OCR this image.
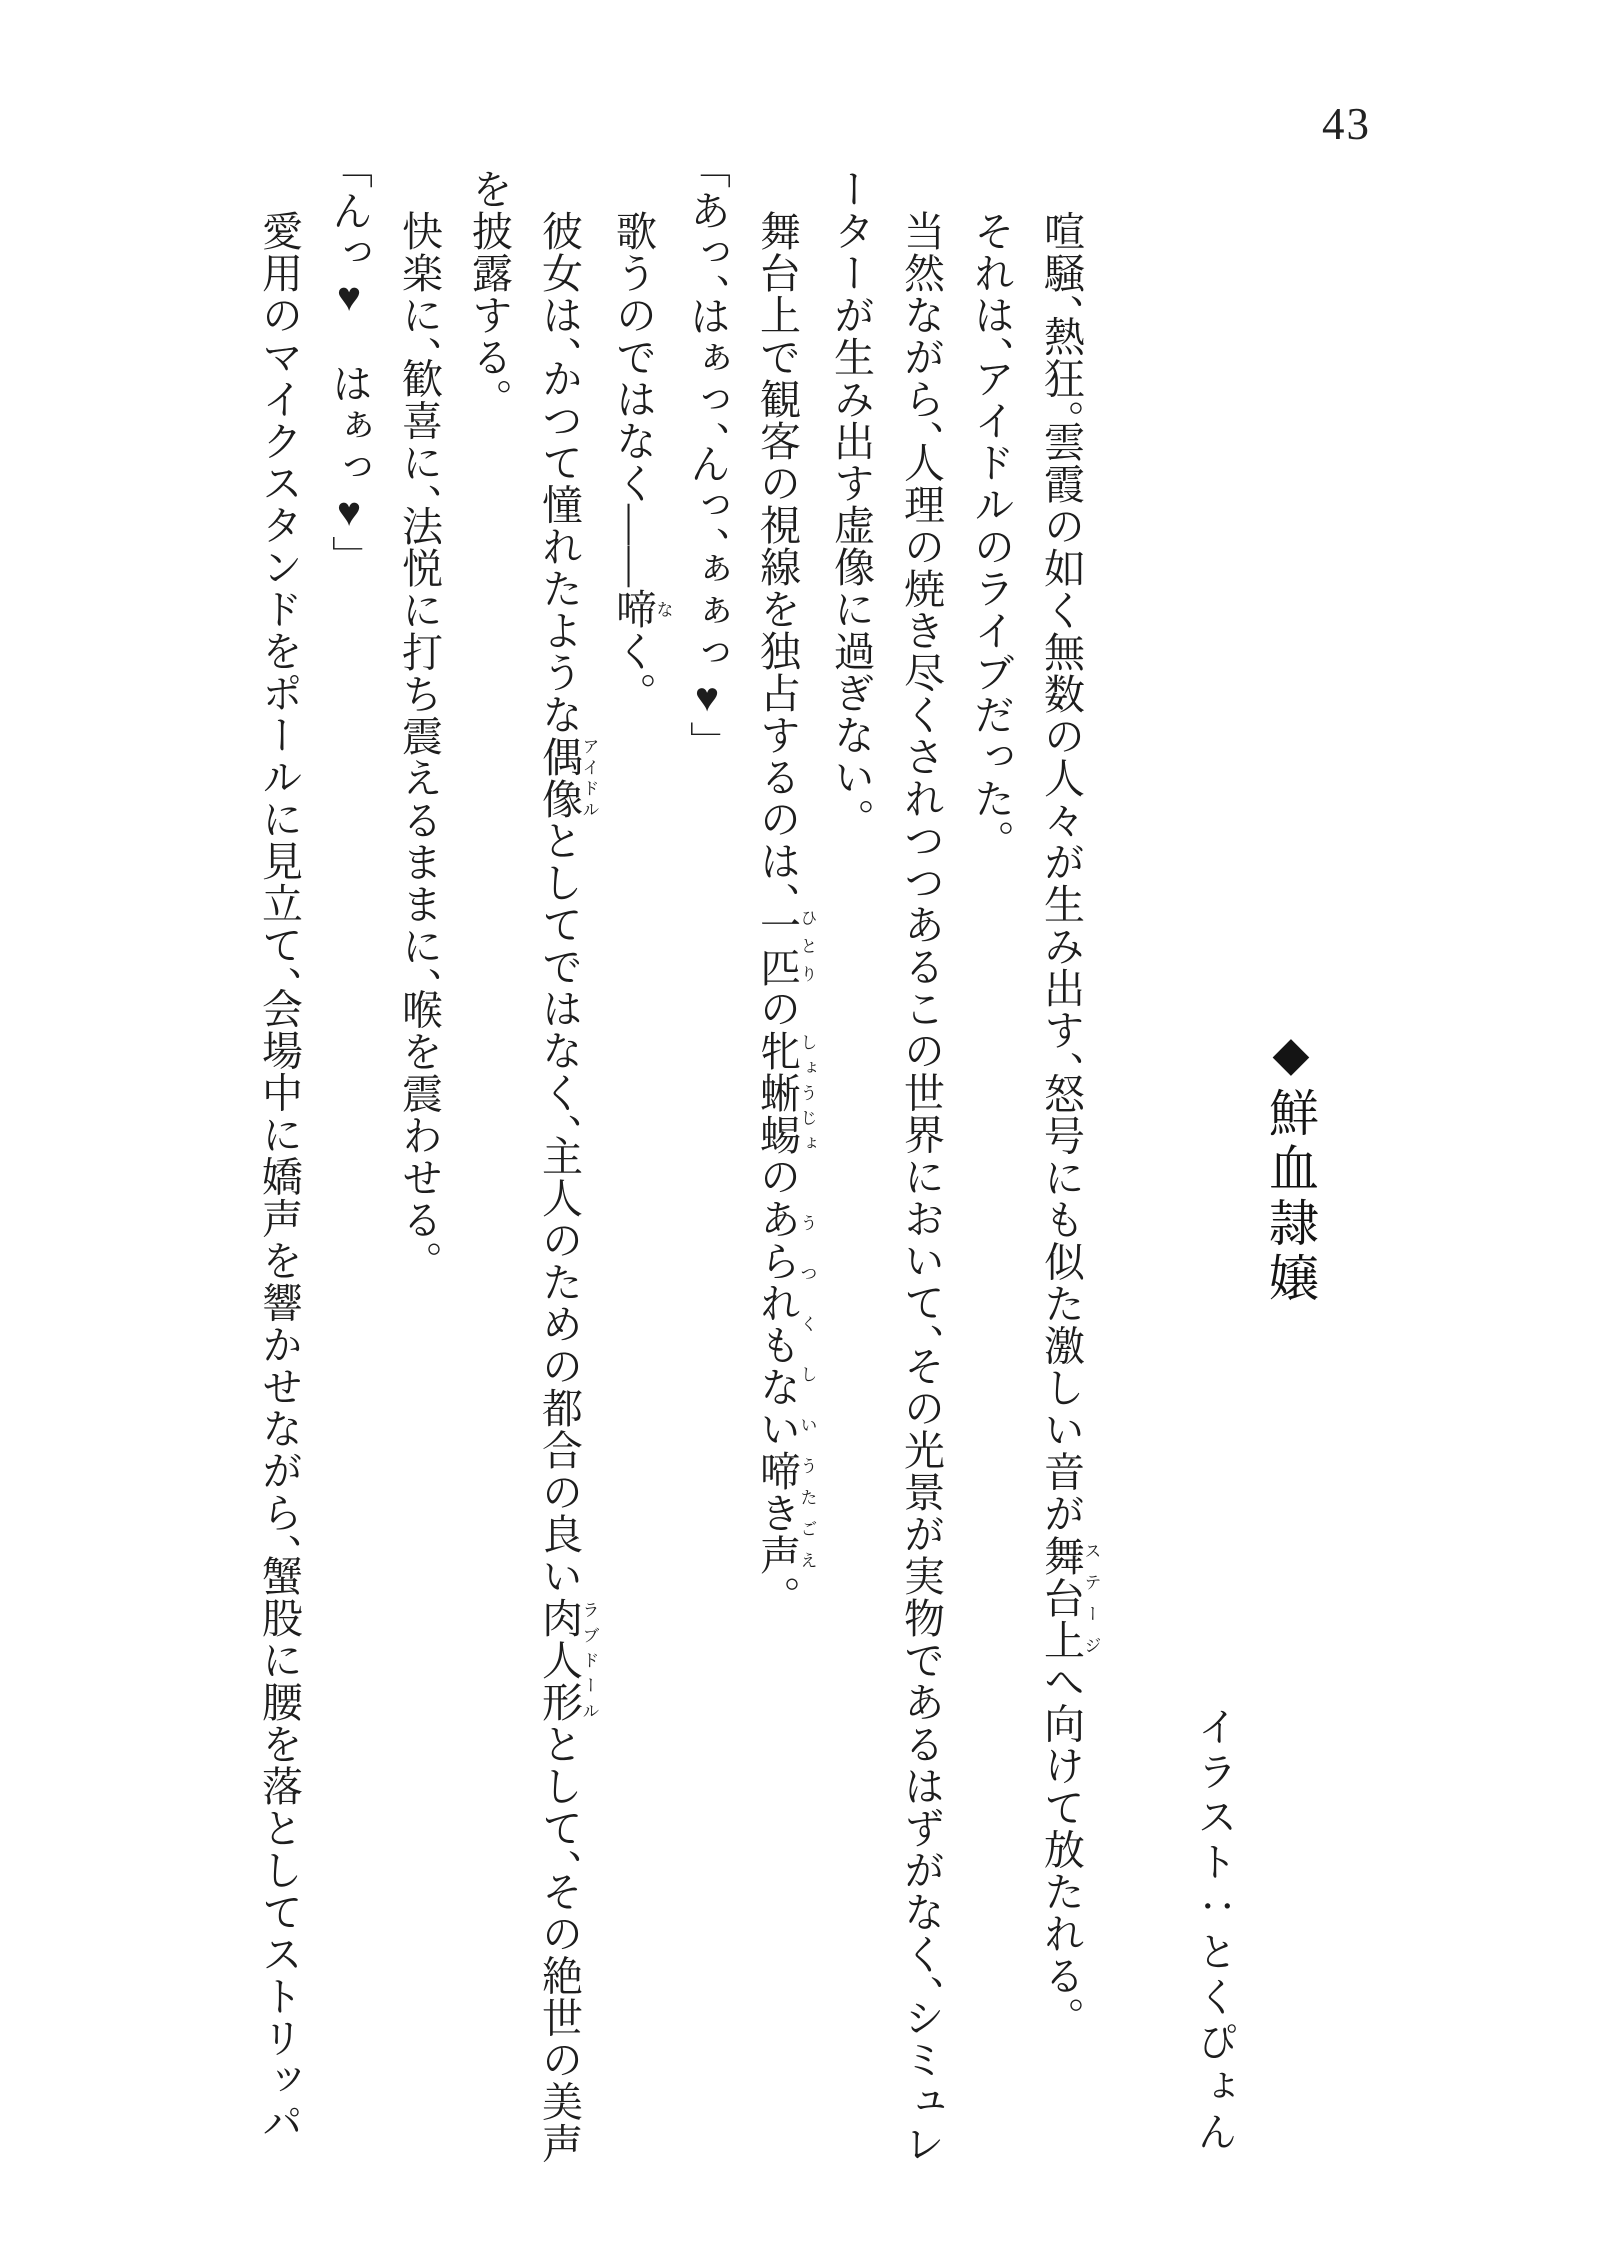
43
◆鮮血隷嬢
イラスト：とくぴょん
喧騒、熱狂。雲霞の如く無数の人々が生み出す、怒号にも似た激しい音が舞台上ステージへ向けて放たれる。
それは、アイドルのライブだった。
当然ながら、人理の焼き尽くされつつあるこの世界において、その光景が実物であるはずがなく、シミュレ
ーターが生み出す虚像に過ぎない。
舞台上で観客の視線を独占するのは、一匹ひとりの牝蜥蜴しょうじょのあられもないうつくしい啼き声うたごえ。
「あっ、はぁっ、んっ、ぁぁっ♥」
歌うのではなく――啼なく。
彼女は、かつて憧れたような偶像アイドルとしてではなく、主人のための都合の良い肉人形ラブドールとして、その絶世の美声
を披露する。
快楽に、歓喜に、法悦に打ち震えるままに、喉を震わせる。
「んっ♥　はぁっ♥」
愛用のマイクスタンドをポールに見立て、会場中に嬌声を響かせながら、蟹股に腰を落としてストリッパ
